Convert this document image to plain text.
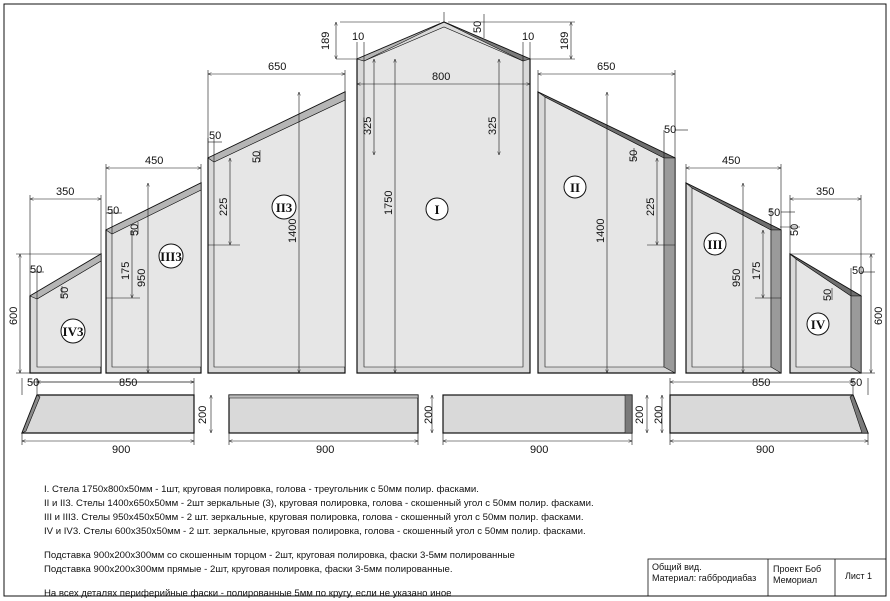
350
450
650
800
650
450
350
189	189
10	10
50
325	325
1750
1400	1400
950	950
600	600
225	225
175	175
50
50
50
50
50
50
50
50
50
50
50
50
50	850	850	50
200	200	200 200
900	900	900	900
I
II
II3
III
III3
IV
IV3
I. Стела 1750х800х50мм - 1шт, круговая полировка, голова - треугольник с 50мм полир. фасками.
II и II3. Стелы 1400х650х50мм - 2шт зеркальные (3), круговая полировка, голова - скошенный угол с 50мм полир. фасками.
III и III3. Стелы 950х450х50мм - 2 шт. зеркальные, круговая полировка, голова - скошенный угол с 50мм полир. фасками.
IV и IV3. Стелы 600х350х50мм - 2 шт. зеркальные, круговая полировка, голова - скошенный угол с 50мм полир. фасками.
Подставка 900х200х300мм со скошенным торцом - 2шт, круговая полировка, фаски 3-5мм полированные
Подставка 900х200х300мм прямые - 2шт, круговая полировка, фаски 3-5мм полированные.
На всех деталях периферийные фаски - полированные 5мм по кругу, если не указано иное
Общий вид.
Материал: габбродиабаз
Проект Боб
Мемориал	Лист 1
